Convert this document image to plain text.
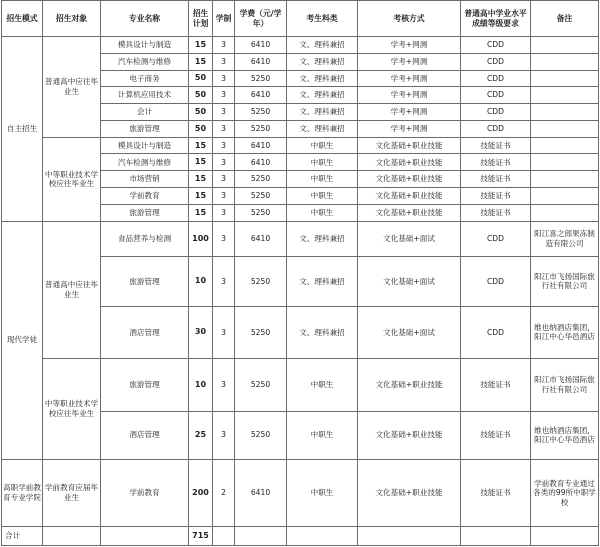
招生模式	招生对象	专业名称	招生计划	学制	学费（元/学年）	考生科类	考核方式	普通高中学业水平成绩等级要求	备注
自主招生	普通高中应往毕业生	模具设计与制造	15	3	6410	文、理科兼招	学考+网测	CDD	
		汽车检测与维修	15	3	6410	文、理科兼招	学考+网测	CDD	
		电子商务	50	3	5250	文、理科兼招	学考+网测	CDD	
		计算机应用技术	50	3	6410	文、理科兼招	学考+网测	CDD	
		会计	50	3	5250	文、理科兼招	学考+网测	CDD	
		旅游管理	50	3	5250	文、理科兼招	学考+网测	CDD	
	中等职业技术学校应往毕业生	模具设计与制造	15	3	6410	中职生	文化基础+职业技能	技能证书	
		汽车检测与维修	15	3	6410	中职生	文化基础+职业技能	技能证书	
		市场营销	15	3	5250	中职生	文化基础+职业技能	技能证书	
		学前教育	15	3	5250	中职生	文化基础+职业技能	技能证书	
		旅游管理	15	3	5250	中职生	文化基础+职业技能	技能证书	
现代学徒	普通高中应往毕业生	食品营养与检测	100	3	6410	文、理科兼招	文化基础+面试	CDD	阳江喜之郎果冻制造有限公司
		旅游管理	10	3	5250	文、理科兼招	文化基础+面试	CDD	阳江市飞扬国际旅行社有限公司
		酒店管理	30	3	5250	文、理科兼招	文化基础+面试	CDD	维也纳酒店集团，阳江中心华邑酒店
	中等职业技术学校应往毕业生	旅游管理	10	3	5250	中职生	文化基础+职业技能	技能证书	阳江市飞扬国际旅行社有限公司
		酒店管理	25	3	5250	中职生	文化基础+职业技能	技能证书	维也纳酒店集团，阳江中心华邑酒店
高职学前教育专业学院	学前教育应届毕业生	学前教育	200	2	6410	中职生	文化基础+职业技能	技能证书	学前教育专业通过各类的99所中职学校
合计			715						
